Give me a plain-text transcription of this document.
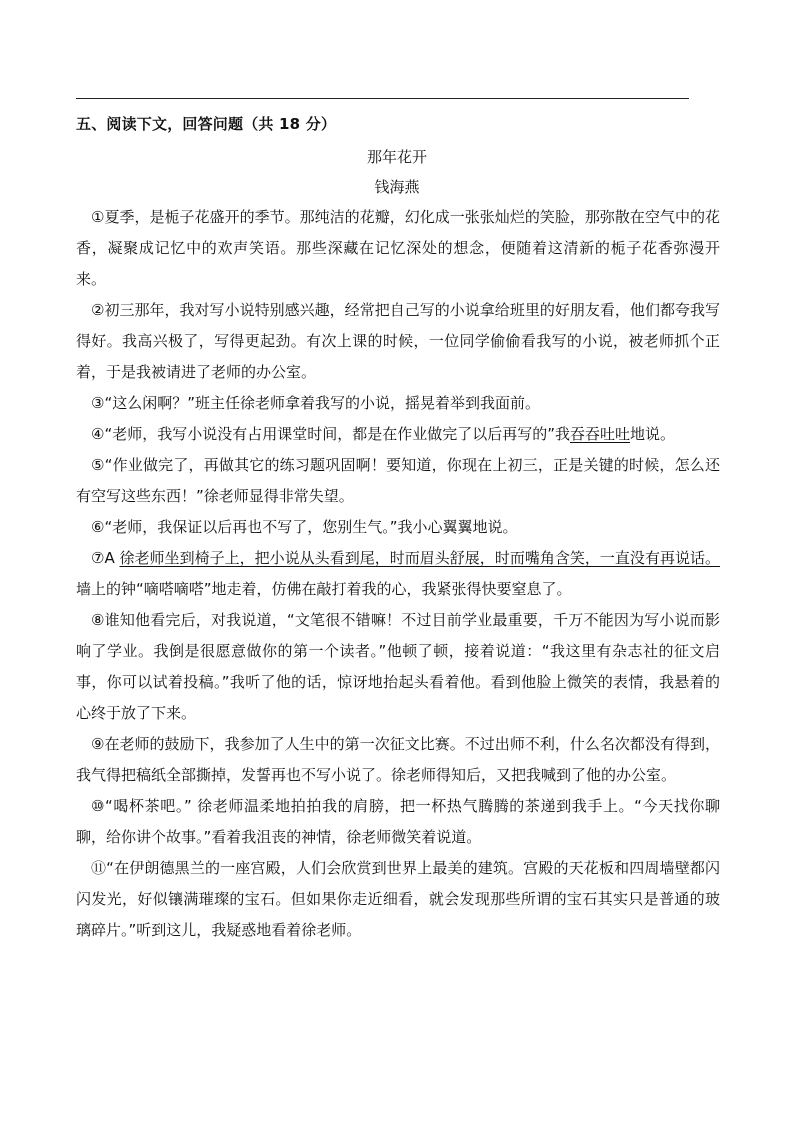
五、阅读下文，回答问题（共 18 分）
那年花开
钱海燕

①夏季，是栀子花盛开的季节。那纯洁的花瓣，幻化成一张张灿烂的笑脸，那弥散在空气中的花香，凝聚成记忆中的欢声笑语。那些深藏在记忆深处的想念，便随着这清新的栀子花香弥漫开来。

②初三那年，我对写小说特别感兴趣，经常把自己写的小说拿给班里的好朋友看，他们都夸我写得好。我高兴极了，写得更起劲。有次上课的时候，一位同学偷偷看我写的小说，被老师抓个正着，于是我被请进了老师的办公室。

③“这么闲啊？”班主任徐老师拿着我写的小说，摇晃着举到我面前。

④“老师，我写小说没有占用课堂时间，都是在作业做完了以后再写的”我吞吞吐吐地说。

⑤“作业做完了，再做其它的练习题巩固啊！要知道，你现在上初三，正是关键的时候，怎么还有空写这些东西！”徐老师显得非常失望。

⑥“老师，我保证以后再也不写了，您别生气。”我小心翼翼地说。

⑦A 徐老师坐到椅子上，把小说从头看到尾，时而眉头舒展，时而嘴角含笑，一直没有再说话。墙上的钟“嘀嗒嘀嗒”地走着，仿佛在敲打着我的心，我紧张得快要窒息了。

⑧谁知他看完后，对我说道，“文笔很不错嘛！不过目前学业最重要，千万不能因为写小说而影响了学业。我倒是很愿意做你的第一个读者。”他顿了顿，接着说道：“我这里有杂志社的征文启事，你可以试着投稿。”我听了他的话，惊讶地抬起头看着他。看到他脸上微笑的表情，我悬着的心终于放了下来。

⑨在老师的鼓励下，我参加了人生中的第一次征文比赛。不过出师不利，什么名次都没有得到，我气得把稿纸全部撕掉，发誓再也不写小说了。徐老师得知后，又把我喊到了他的办公室。

⑩“喝杯茶吧。” 徐老师温柔地拍拍我的肩膀，把一杯热气腾腾的茶递到我手上。“今天找你聊聊，给你讲个故事。”看着我沮丧的神情，徐老师微笑着说道。

⑪“在伊朗德黑兰的一座宫殿，人们会欣赏到世界上最美的建筑。宫殿的天花板和四周墙壁都闪闪发光，好似镶满璀璨的宝石。但如果你走近细看，就会发现那些所谓的宝石其实只是普通的玻璃碎片。”听到这儿，我疑惑地看着徐老师。
